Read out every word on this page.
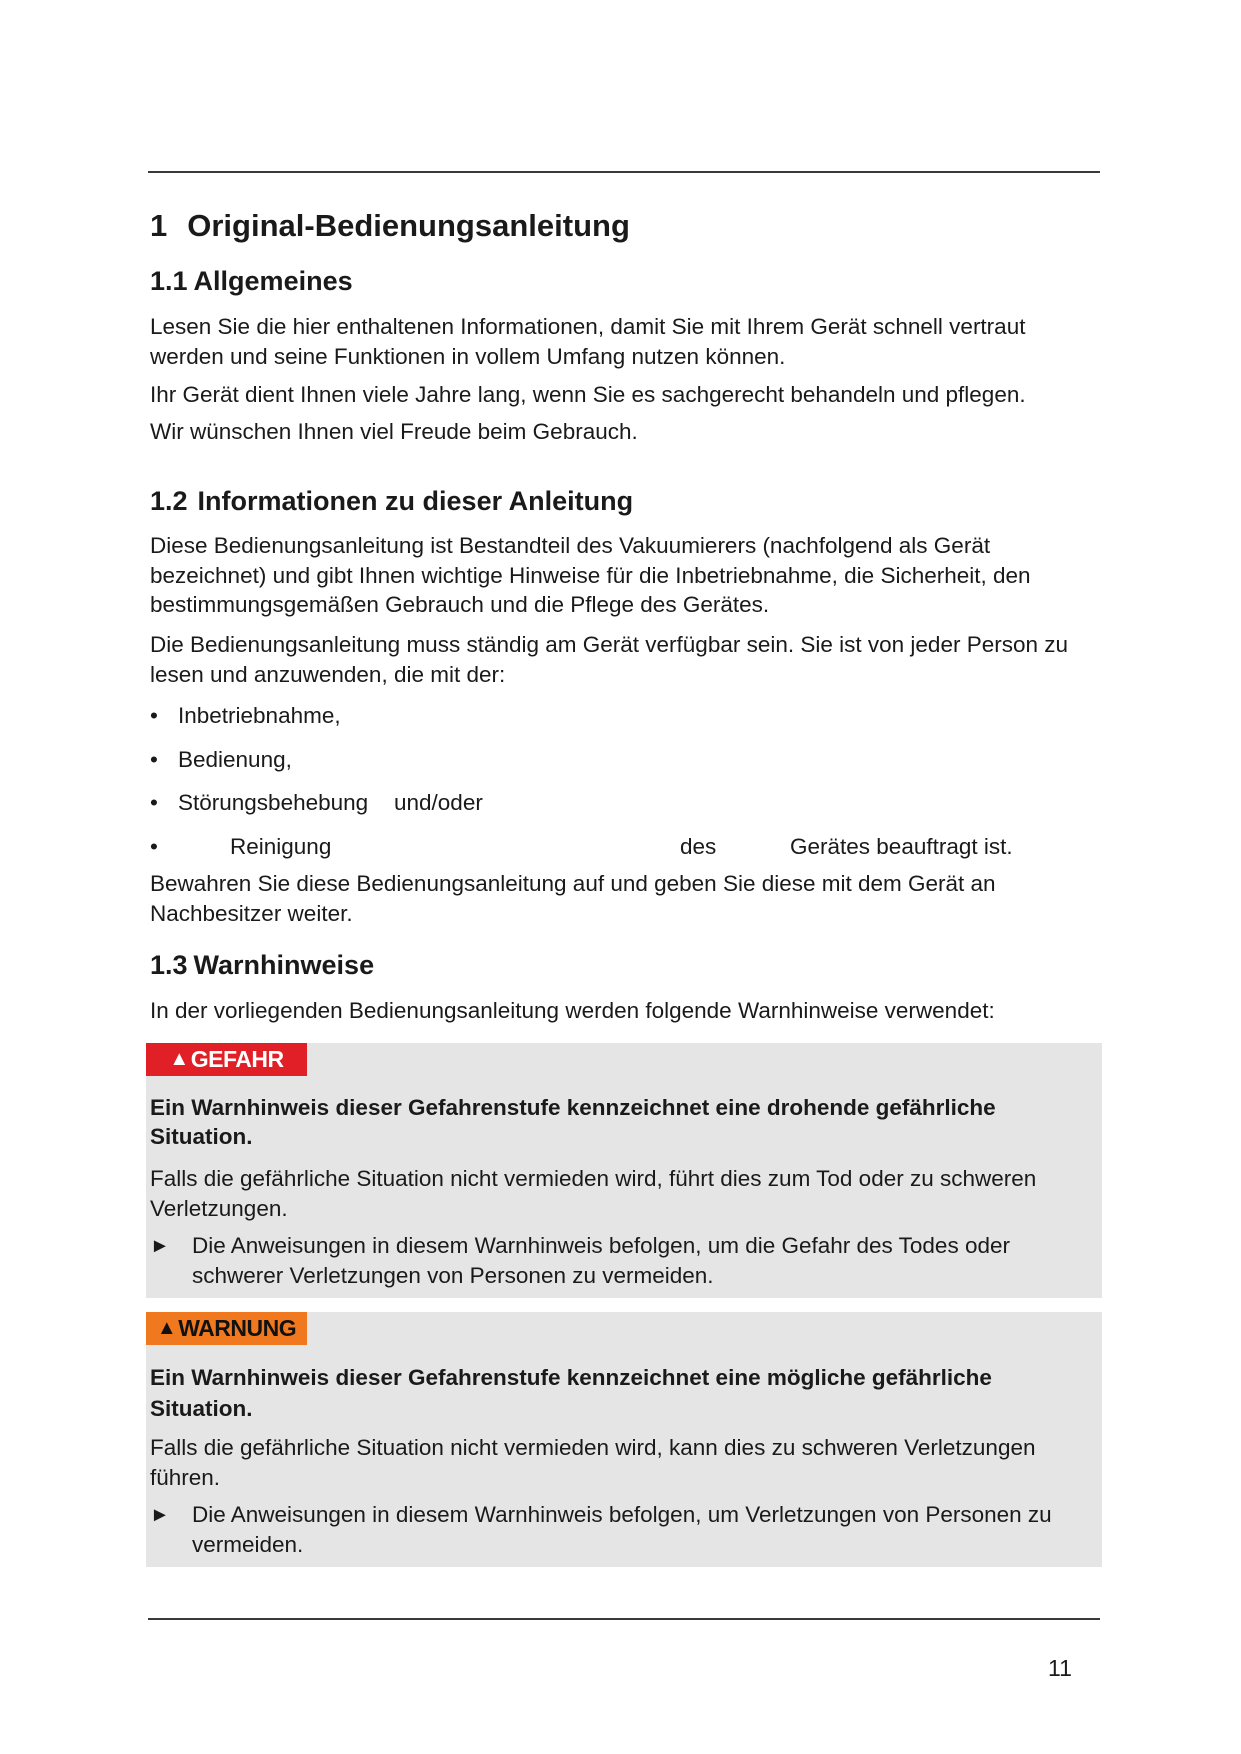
1 Original-Bedienungsanleitung
1.1 Allgemeines
Lesen Sie die hier enthaltenen Informationen, damit Sie mit Ihrem Gerät schnell vertraut werden und seine Funktionen in vollem Umfang nutzen können.
Ihr Gerät dient Ihnen viele Jahre lang, wenn Sie es sachgerecht behandeln und pflegen.
Wir wünschen Ihnen viel Freude beim Gebrauch.
1.2 Informationen zu dieser Anleitung
Diese Bedienungsanleitung ist Bestandteil des Vakuumierers (nachfolgend als Gerät bezeichnet) und gibt Ihnen wichtige Hinweise für die Inbetriebnahme, die Sicherheit, den bestimmungsgemäßen Gebrauch und die Pflege des Gerätes.
Die Bedienungsanleitung muss ständig am Gerät verfügbar sein. Sie ist von jeder Person zu lesen und anzuwenden, die mit der:
• Inbetriebnahme,
• Bedienung,
• Störungsbehebung und/oder
•	Reinigung	des	Gerätes beauftragt ist.
Bewahren Sie diese Bedienungsanleitung auf und geben Sie diese mit dem Gerät an Nachbesitzer weiter.
1.3 Warnhinweise
In der vorliegenden Bedienungsanleitung werden folgende Warnhinweise verwendet:
▲ GEFAHR
Ein Warnhinweis dieser Gefahrenstufe kennzeichnet eine drohende gefährliche Situation.
Falls die gefährliche Situation nicht vermieden wird, führt dies zum Tod oder zu schweren Verletzungen.
► Die Anweisungen in diesem Warnhinweis befolgen, um die Gefahr des Todes oder schwerer Verletzungen von Personen zu vermeiden.
▲ WARNUNG
Ein Warnhinweis dieser Gefahrenstufe kennzeichnet eine mögliche gefährliche Situation.
Falls die gefährliche Situation nicht vermieden wird, kann dies zu schweren Verletzungen führen.
► Die Anweisungen in diesem Warnhinweis befolgen, um Verletzungen von Personen zu vermeiden.
11
